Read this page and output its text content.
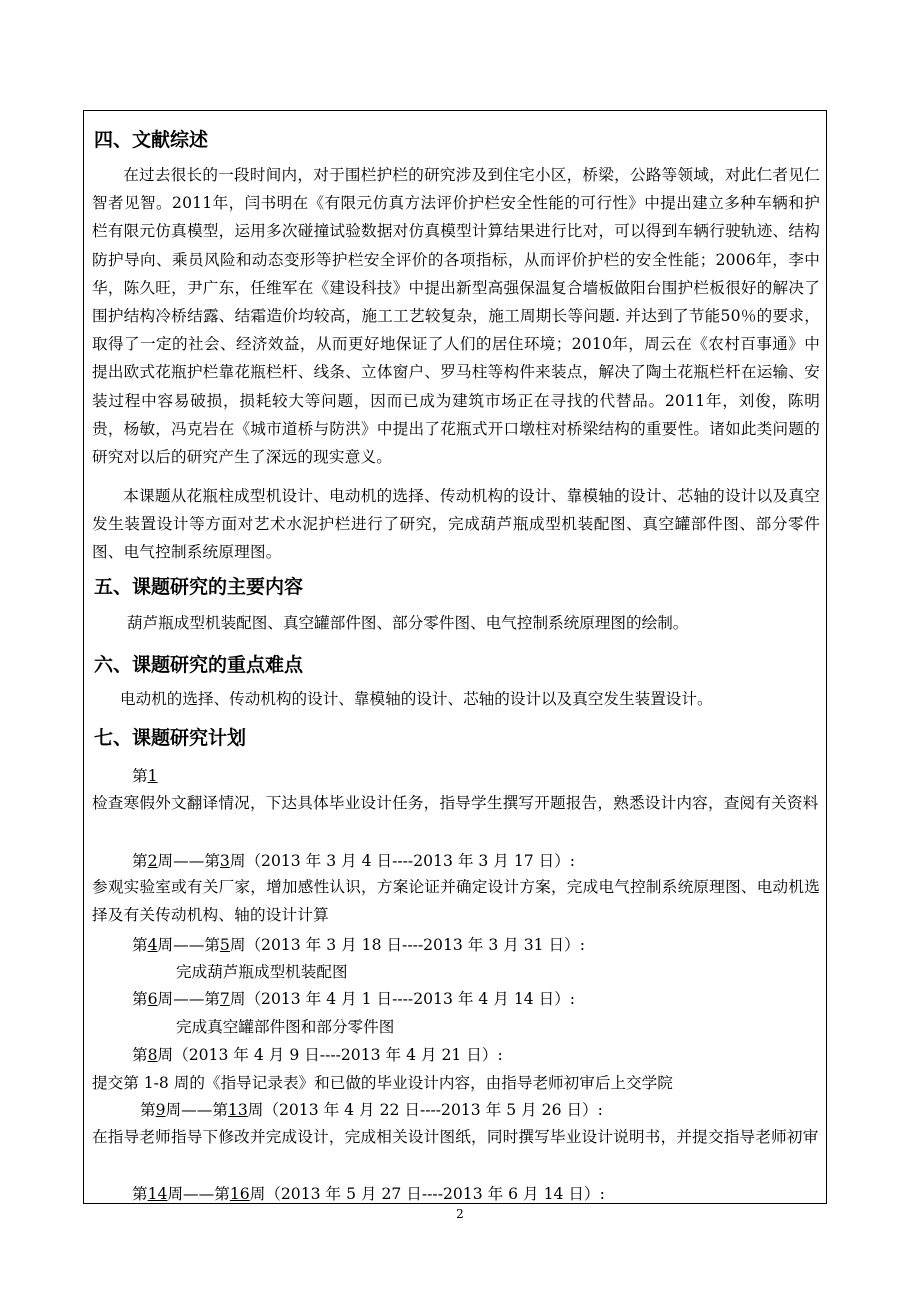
四、文献综述
在过去很长的一段时间内，对于围栏护栏的研究涉及到住宅小区，桥梁，公路等领域，对此仁者见仁智者见智。2011年，闫书明在《有限元仿真方法评价护栏安全性能的可行性》中提出建立多种车辆和护栏有限元仿真模型，运用多次碰撞试验数据对仿真模型计算结果进行比对，可以得到车辆行驶轨迹、结构防护导向、乘员风险和动态变形等护栏安全评价的各项指标，从而评价护栏的安全性能；2006年，李中华，陈久旺，尹广东，任维军在《建设科技》中提出新型高强保温复合墙板做阳台围护栏板很好的解决了围护结构冷桥结露、结霜造价均较高，施工工艺较复杂，施工周期长等问题. 并达到了节能50％的要求，取得了一定的社会、经济效益，从而更好地保证了人们的居住环境；2010年，周云在《农村百事通》中提出欧式花瓶护栏靠花瓶栏杆、线条、立体窗户、罗马柱等构件来装点，解决了陶土花瓶栏杆在运输、安装过程中容易破损，损耗较大等问题，因而已成为建筑市场正在寻找的代替品。2011年，刘俊，陈明贵，杨敏，冯克岩在《城市道桥与防洪》中提出了花瓶式开口墩柱对桥梁结构的重要性。诸如此类问题的研究对以后的研究产生了深远的现实意义。
本课题从花瓶柱成型机设计、电动机的选择、传动机构的设计、靠模轴的设计、芯轴的设计以及真空发生装置设计等方面对艺术水泥护栏进行了研究，完成葫芦瓶成型机装配图、真空罐部件图、部分零件图、电气控制系统原理图。
五、课题研究的主要内容
葫芦瓶成型机装配图、真空罐部件图、部分零件图、电气控制系统原理图的绘制。
六、课题研究的重点难点
电动机的选择、传动机构的设计、靠模轴的设计、芯轴的设计以及真空发生装置设计。
七、课题研究计划
第1
检查寒假外文翻译情况，下达具体毕业设计任务，指导学生撰写开题报告，熟悉设计内容，查阅有关资料
第2周——第3周（2013 年 3 月 4 日----2013 年 3 月 17 日）:
参观实验室或有关厂家，增加感性认识，方案论证并确定设计方案，完成电气控制系统原理图、电动机选择及有关传动机构、轴的设计计算
第4周——第5周（2013 年 3 月 18 日----2013 年 3 月 31 日）:
完成葫芦瓶成型机装配图
第6周——第7周（2013 年 4 月 1 日----2013 年 4 月 14 日）:
完成真空罐部件图和部分零件图
第8周（2013 年 4 月 9 日----2013 年 4 月 21 日）:
提交第 1-8 周的《指导记录表》和已做的毕业设计内容，由指导老师初审后上交学院
第9周——第13周（2013 年 4 月 22 日----2013 年 5 月 26 日）:
在指导老师指导下修改并完成设计，完成相关设计图纸，同时撰写毕业设计说明书，并提交指导老师初审
第14周——第16周（2013 年 5 月 27 日----2013 年 6 月 14 日）:
2
